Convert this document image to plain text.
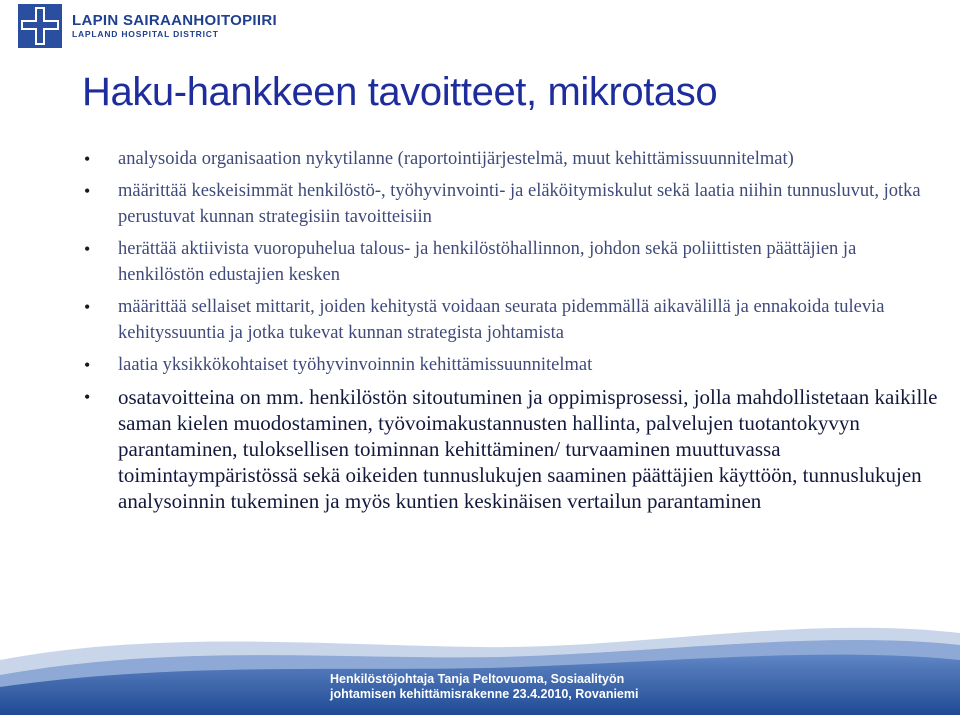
LAPIN SAIRAANHOITOPIIRI
LAPLAND HOSPITAL DISTRICT
Haku-hankkeen tavoitteet, mikrotaso
• analysoida organisaation nykytilanne (raportointijärjestelmä, muut kehittämissuunnitelmat)
• määrittää keskeisimmät henkilöstö-, työhyvinvointi- ja eläköitymiskulut sekä laatia niihin tunnusluvut, jotka perustuvat kunnan strategisiin tavoitteisiin
• herättää aktiivista vuoropuhelua talous- ja henkilöstöhallinnon, johdon sekä poliittisten päättäjien ja henkilöstön edustajien kesken
• määrittää sellaiset mittarit, joiden kehitystä voidaan seurata pidemmällä aikavälillä ja ennakoida tulevia kehityssuuntia ja jotka tukevat kunnan strategista johtamista
• laatia yksikkökohtaiset työhyvinvoinnin kehittämissuunnitelmat
• osatavoitteina on mm. henkilöstön sitoutuminen ja oppimisprosessi, jolla mahdollistetaan kaikille saman kielen muodostaminen, työvoimakustannusten hallinta, palvelujen tuotantokyvyn parantaminen, tuloksellisen toiminnan kehittäminen/ turvaaminen muuttuvassa toimintaympäristössä sekä oikeiden tunnuslukujen saaminen päättäjien käyttöön, tunnuslukujen analysoinnin tukeminen ja myös kuntien keskinäisen vertailun parantaminen

Henkilöstöjohtaja Tanja Peltovuoma, Sosiaalityön johtamisen kehittämisrakenne 23.4.2010, Rovaniemi
